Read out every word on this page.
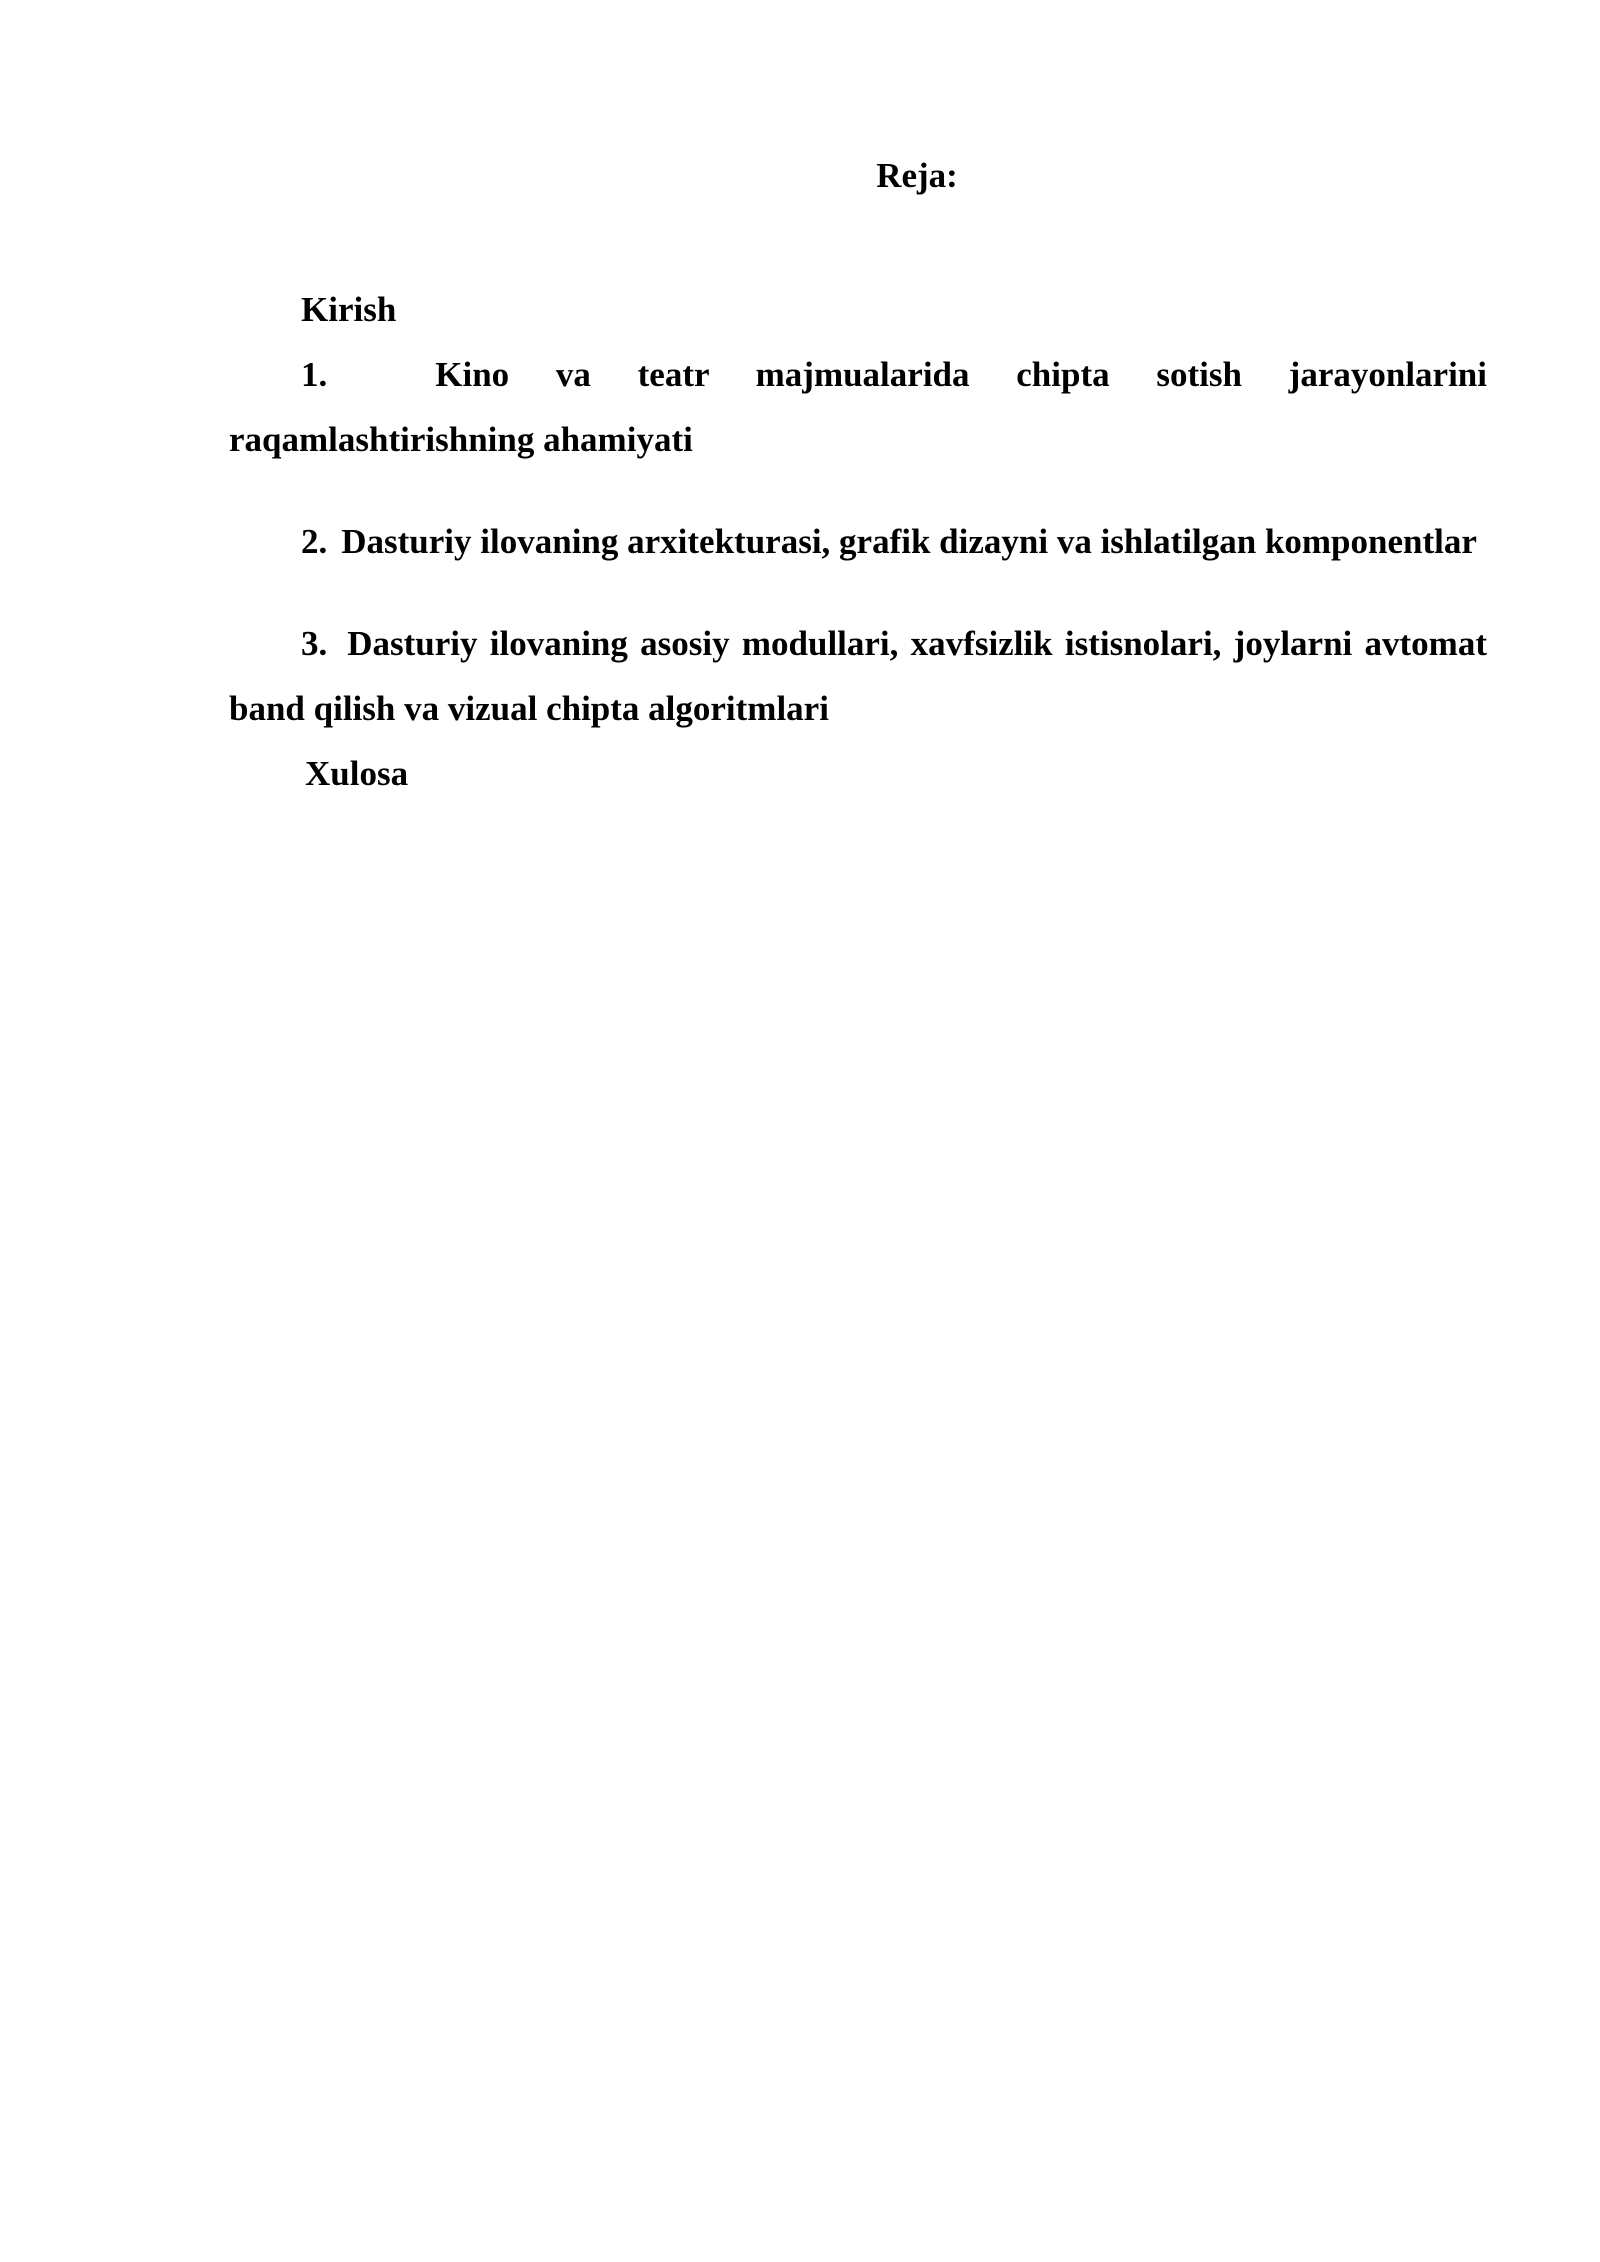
Reja:

Kirish

1.	Kino va teatr majmualarida chipta sotish jarayonlarini raqamlashtirishning ahamiyati

2. Dasturiy ilovaning arxitekturasi, grafik dizayni va ishlatilgan komponentlar

3. Dasturiy ilovaning asosiy modullari, xavfsizlik istisnolari, joylarni avtomat band qilish va vizual chipta algoritmlari

Xulosa
